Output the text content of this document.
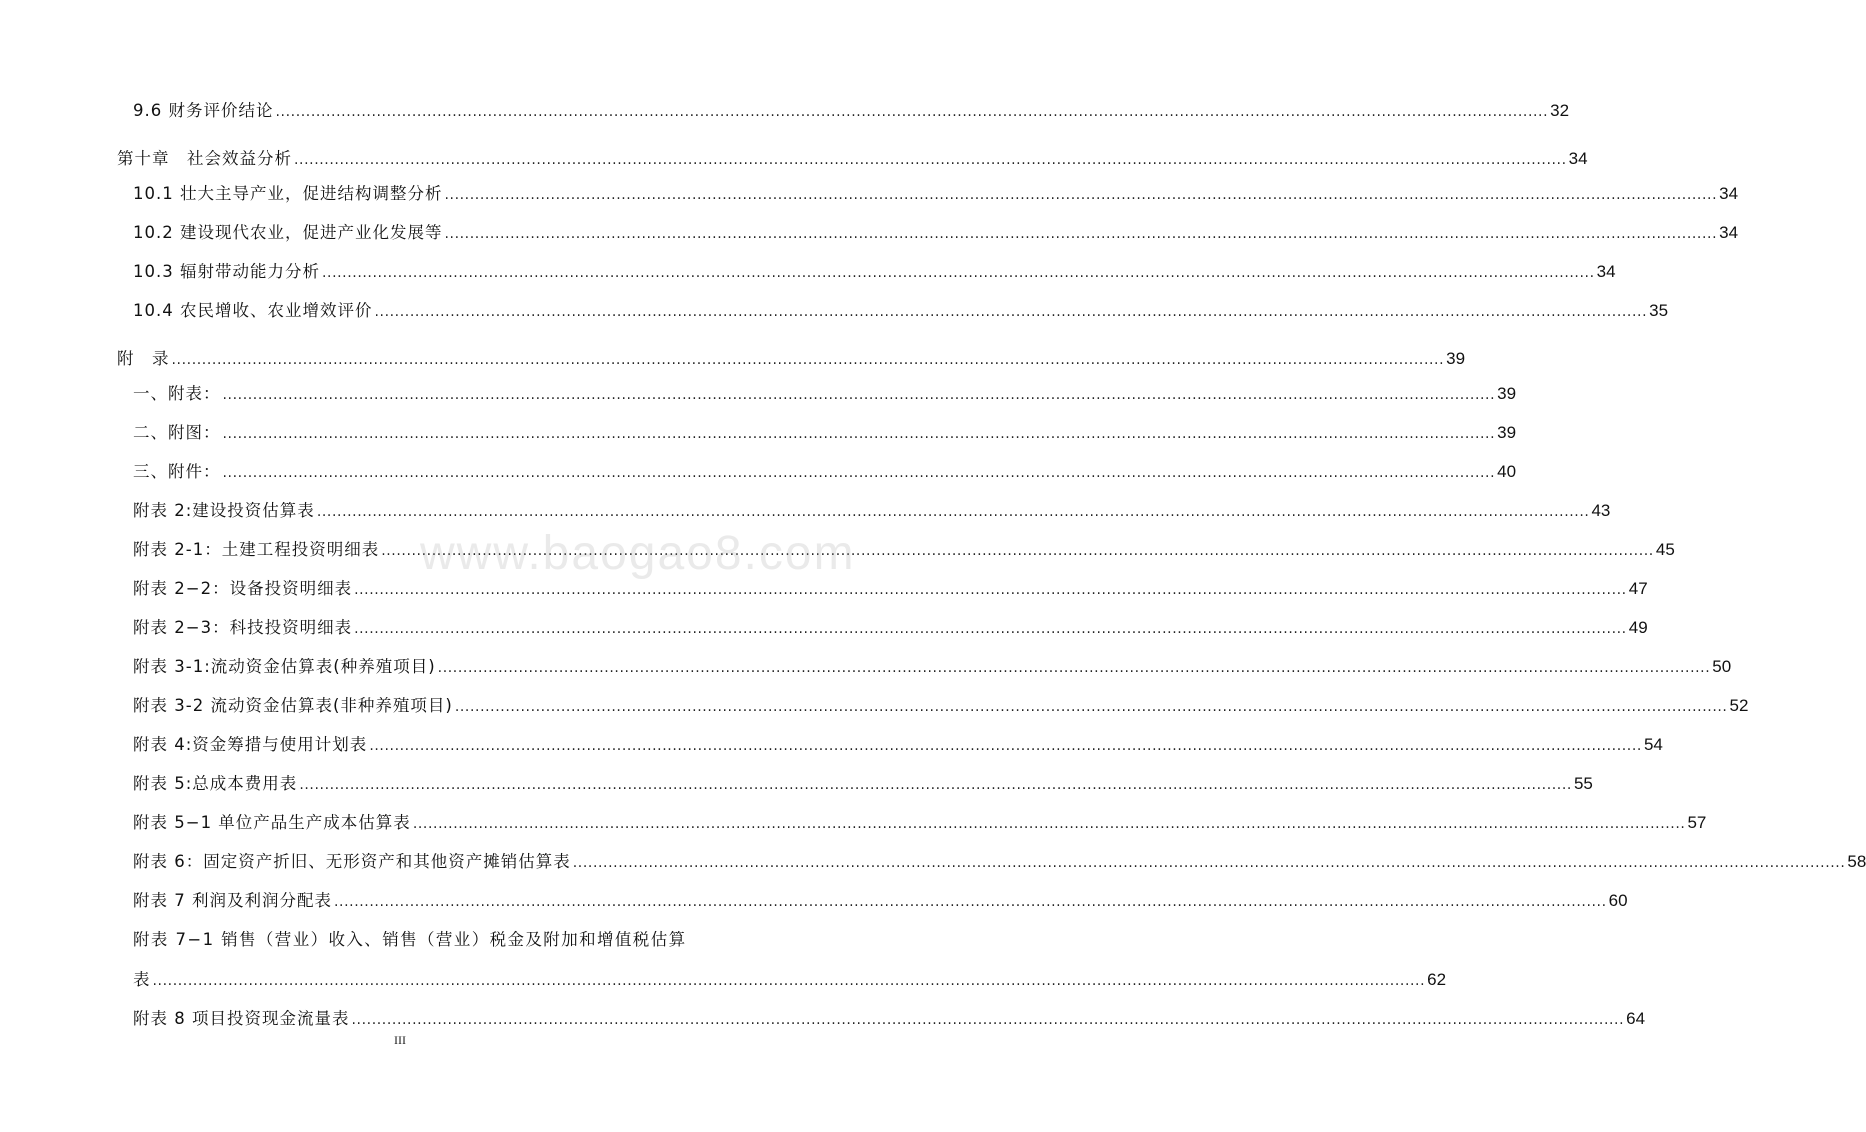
9.6 财务评价结论 .....	32
第十章　社会效益分析 .....	34
10.1 壮大主导产业，促进结构调整分析 .....	34
10.2 建设现代农业，促进产业化发展等 .....	34
10.3 辐射带动能力分析 .....	34
10.4 农民增收、农业增效评价 .....	35
附　录 .....	39
一、附表： .....	39
二、附图： .....	39
三、附件： .....	40
附表 2:建设投资估算表 .....	43
附表 2-1：土建工程投资明细表 .....	45
附表 2−2：设备投资明细表 .....	47
附表 2−3：科技投资明细表 .....	49
附表 3-1:流动资金估算表(种养殖项目) .....	50
附表 3-2 流动资金估算表(非种养殖项目) .....	52
附表 4:资金筹措与使用计划表 .....	54
附表 5:总成本费用表 .....	55
附表 5−1 单位产品生产成本估算表 .....	57
附表 6：固定资产折旧、无形资产和其他资产摊销估算表 .....	58
附表 7 利润及利润分配表 .....	60
附表 7−1 销售（营业）收入、销售（营业）税金及附加和增值税估算
表 .....	62
附表 8 项目投资现金流量表 .....	64
www.baogao8.com
III
